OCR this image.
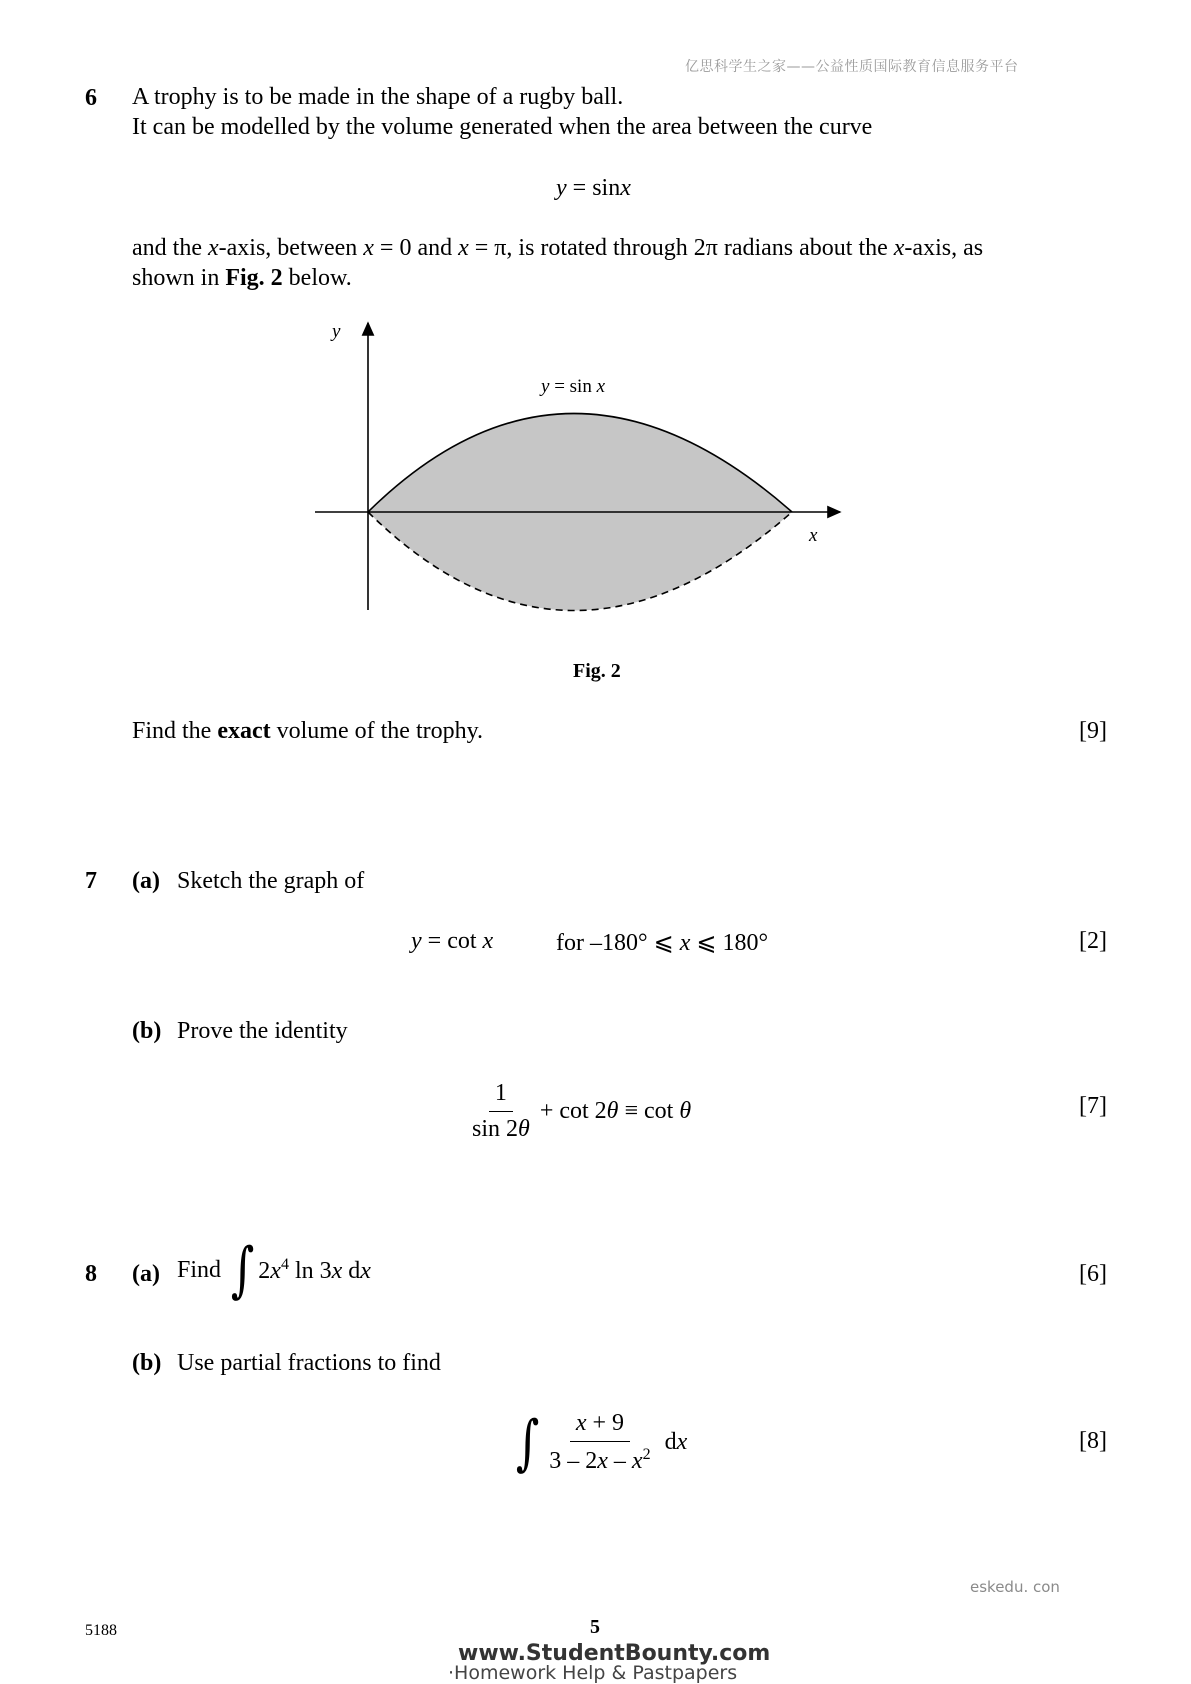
亿思科学生之家——公益性质国际教育信息服务平台
6 A trophy is to be made in the shape of a rugby ball.
It can be modelled by the volume generated when the area between the curve
y = sinx
and the x-axis, between x = 0 and x = π, is rotated through 2π radians about the x-axis, as
shown in Fig. 2 below.
y
x
y = sin x
Fig. 2
Find the exact volume of the trophy.	[9]
7 (a) Sketch the graph of
y = cot x	for –180° ⩽ x ⩽ 180°	[2]
(b) Prove the identity
$\frac{1}{\sin 2\theta} + \cot 2\theta \equiv \cot \theta$	[7]
8 (a) Find ∫ $2x^4$ ln 3x dx	[6]
(b) Use partial fractions to find
∫ $\frac{x + 9}{3 - 2x - x^2}$ dx	[8]
eskedu. con
5188	5
www.StudentBounty.com
·Homework Help & Pastpapers
